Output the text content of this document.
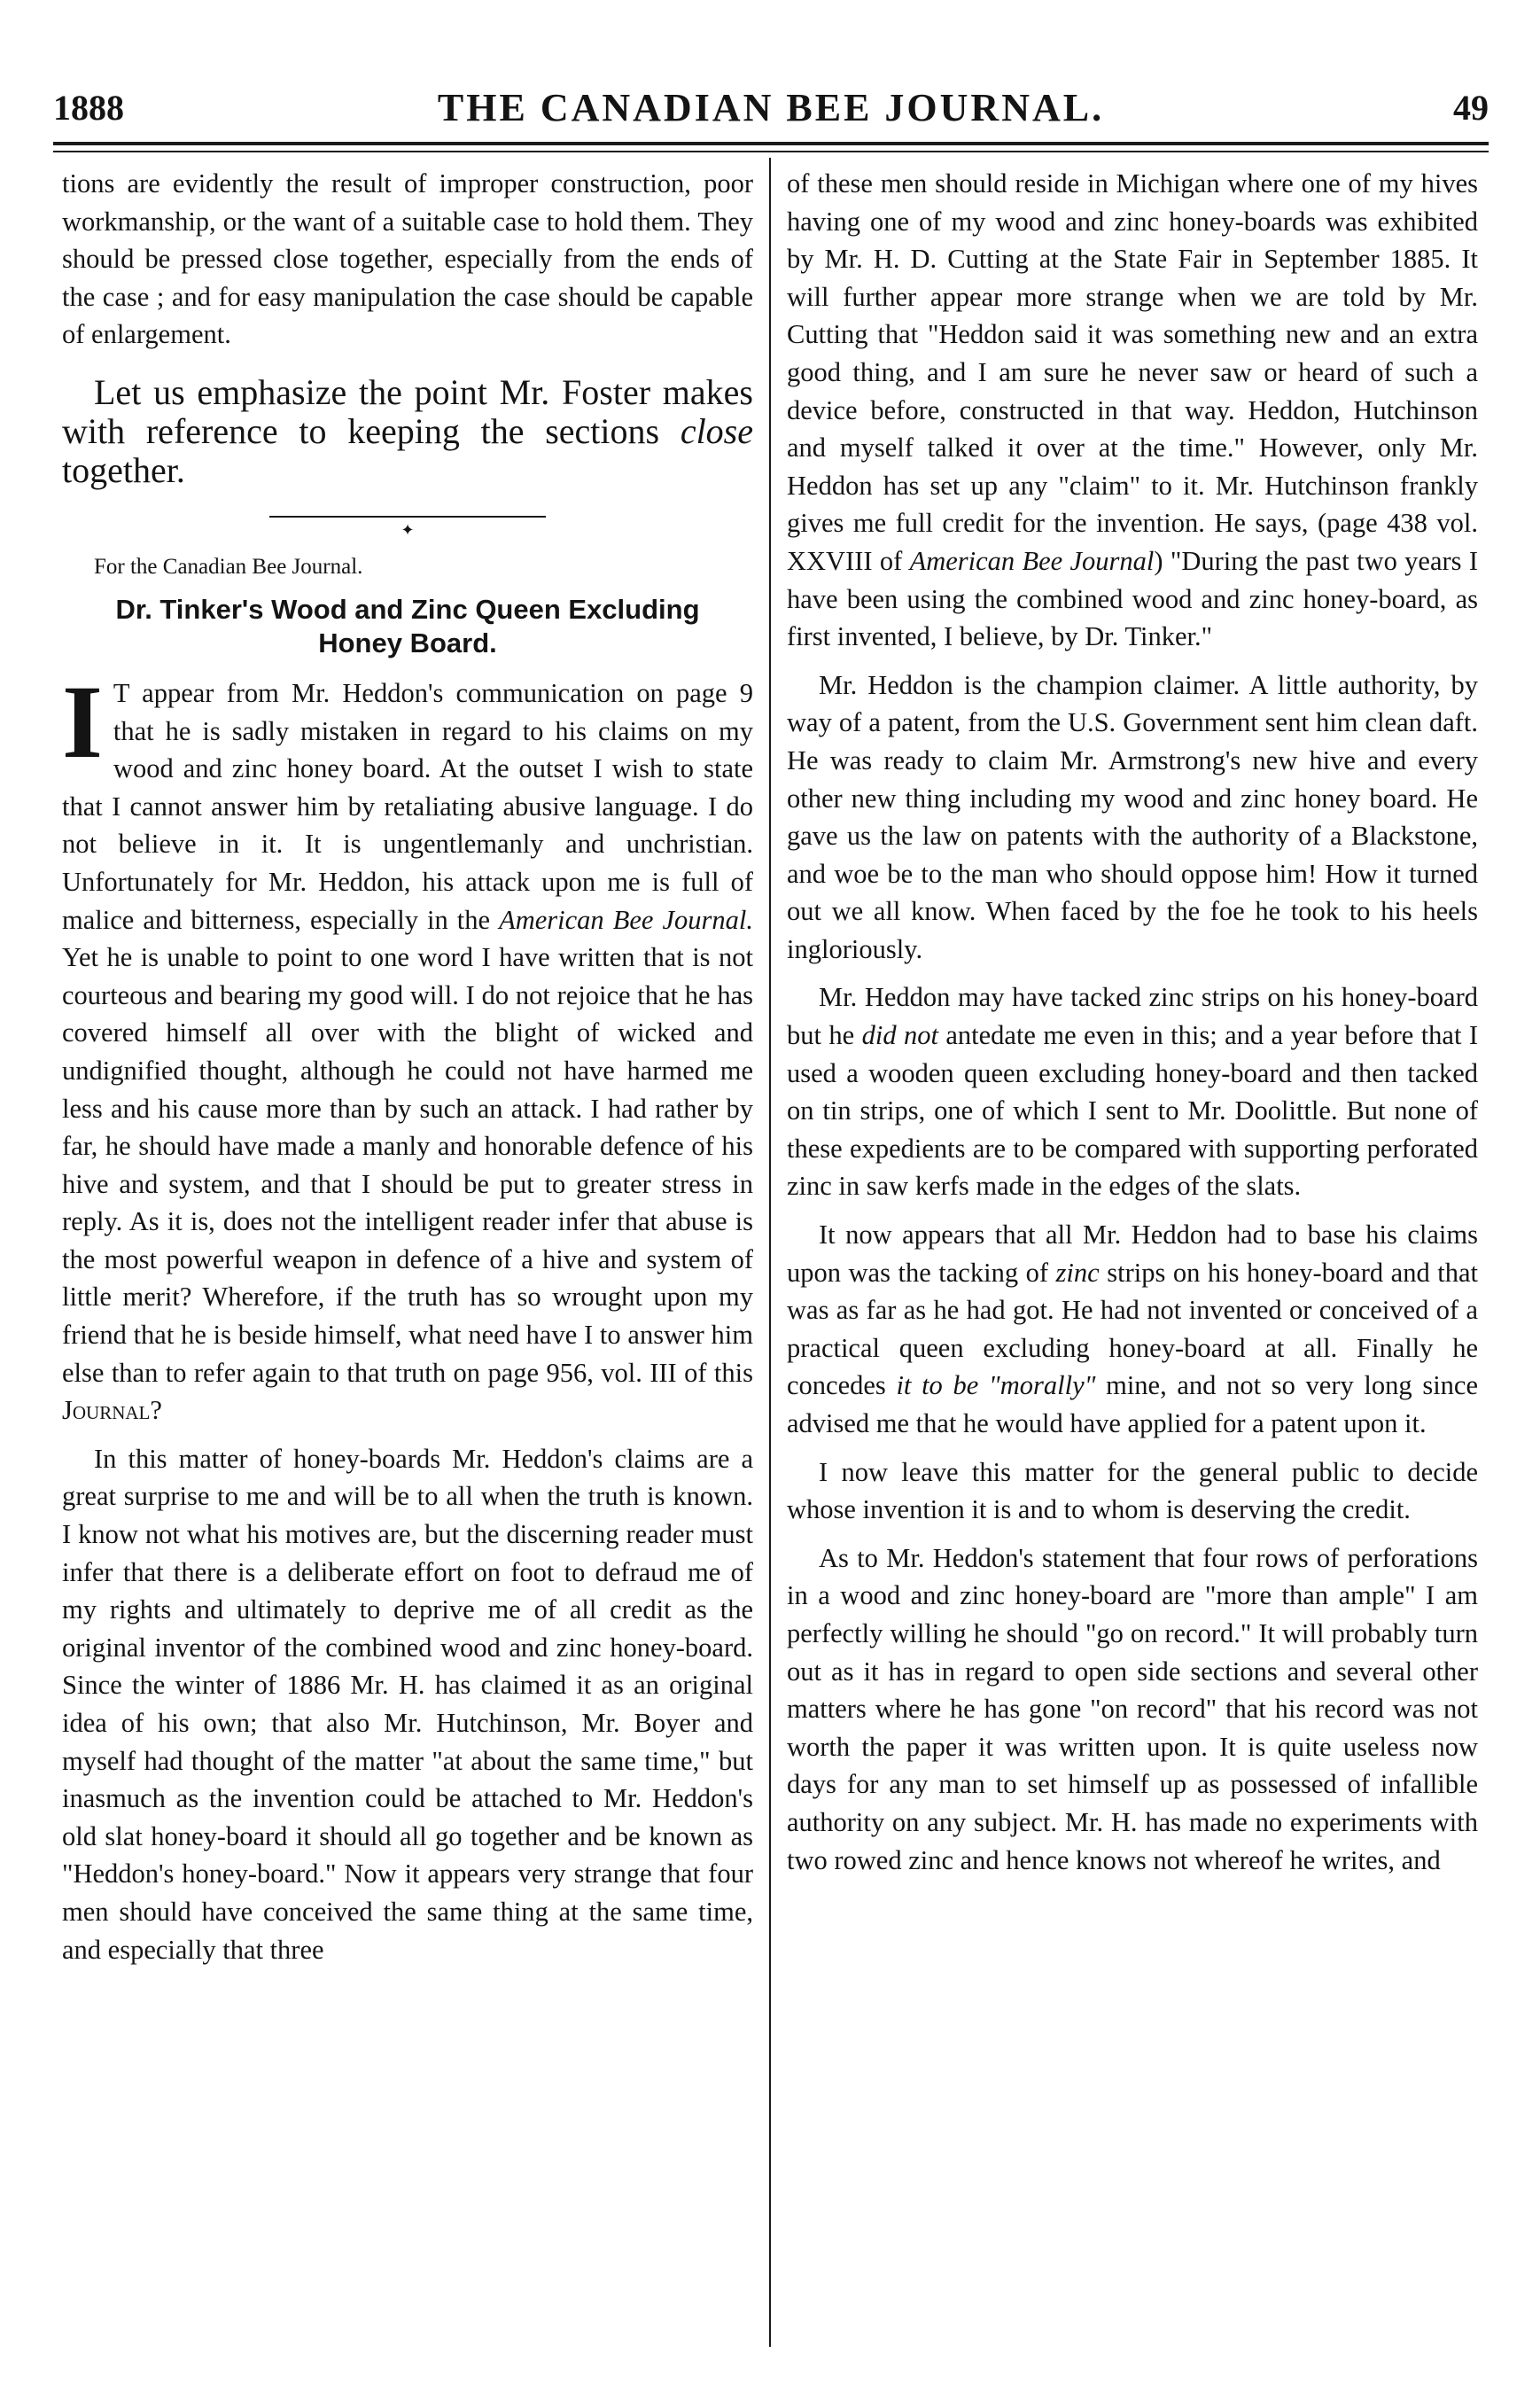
1888	THE CANADIAN BEE JOURNAL.	49

tions are evidently the result of improper construction, poor workmanship, or the want of a suitable case to hold them. They should be pressed close together, especially from the ends of the case ; and for easy manipulation the case should be capable of enlargement.

Let us emphasize the point Mr. Foster makes with reference to keeping the sections close together.

✦

For the Canadian Bee Journal.

Dr. Tinker's Wood and Zinc Queen Excluding Honey Board.

I T appear from Mr. Heddon's communication on page 9 that he is sadly mistaken in regard to his claims on my wood and zinc honey board. At the outset I wish to state that I cannot answer him by retaliating abusive language. I do not believe in it. It is ungentlemanly and unchristian. Unfortunately for Mr. Heddon, his attack upon me is full of malice and bitterness, especially in the American Bee Journal. Yet he is unable to point to one word I have written that is not courteous and bearing my good will. I do not rejoice that he has covered himself all over with the blight of wicked and undignified thought, although he could not have harmed me less and his cause more than by such an attack. I had rather by far, he should have made a manly and honorable defence of his hive and system, and that I should be put to greater stress in reply. As it is, does not the intelligent reader infer that abuse is the most powerful weapon in defence of a hive and system of little merit? Wherefore, if the truth has so wrought upon my friend that he is beside himself, what need have I to answer him else than to refer again to that truth on page 956, vol. III of this Journal?

In this matter of honey-boards Mr. Heddon's claims are a great surprise to me and will be to all when the truth is known. I know not what his motives are, but the discerning reader must infer that there is a deliberate effort on foot to defraud me of my rights and ultimately to deprive me of all credit as the original inventor of the combined wood and zinc honey-board. Since the winter of 1886 Mr. H. has claimed it as an original idea of his own; that also Mr. Hutchinson, Mr. Boyer and myself had thought of the matter "at about the same time," but inasmuch as the invention could be attached to Mr. Heddon's old slat honey-board it should all go together and be known as "Heddon's honey-board." Now it appears very strange that four men should have conceived the same thing at the same time, and especially that three

of these men should reside in Michigan where one of my hives having one of my wood and zinc honey-boards was exhibited by Mr. H. D. Cutting at the State Fair in September 1885. It will further appear more strange when we are told by Mr. Cutting that "Heddon said it was something new and an extra good thing, and I am sure he never saw or heard of such a device before, constructed in that way. Heddon, Hutchinson and myself talked it over at the time." However, only Mr. Heddon has set up any "claim" to it. Mr. Hutchinson frankly gives me full credit for the invention. He says, (page 438 vol. XXVIII of American Bee Journal) "During the past two years I have been using the combined wood and zinc honey-board, as first invented, I believe, by Dr. Tinker."

Mr. Heddon is the champion claimer. A little authority, by way of a patent, from the U.S. Government sent him clean daft. He was ready to claim Mr. Armstrong's new hive and every other new thing including my wood and zinc honey board. He gave us the law on patents with the authority of a Blackstone, and woe be to the man who should oppose him! How it turned out we all know. When faced by the foe he took to his heels ingloriously.

Mr. Heddon may have tacked zinc strips on his honey-board but he did not antedate me even in this; and a year before that I used a wooden queen excluding honey-board and then tacked on tin strips, one of which I sent to Mr. Doolittle. But none of these expedients are to be compared with supporting perforated zinc in saw kerfs made in the edges of the slats.

It now appears that all Mr. Heddon had to base his claims upon was the tacking of zinc strips on his honey-board and that was as far as he had got. He had not invented or conceived of a practical queen excluding honey-board at all. Finally he concedes it to be "morally" mine, and not so very long since advised me that he would have applied for a patent upon it.

I now leave this matter for the general public to decide whose invention it is and to whom is deserving the credit.

As to Mr. Heddon's statement that four rows of perforations in a wood and zinc honey-board are "more than ample" I am perfectly willing he should "go on record." It will probably turn out as it has in regard to open side sections and several other matters where he has gone "on record" that his record was not worth the paper it was written upon. It is quite useless now days for any man to set himself up as possessed of infallible authority on any subject. Mr. H. has made no experiments with two rowed zinc and hence knows not whereof he writes, and
